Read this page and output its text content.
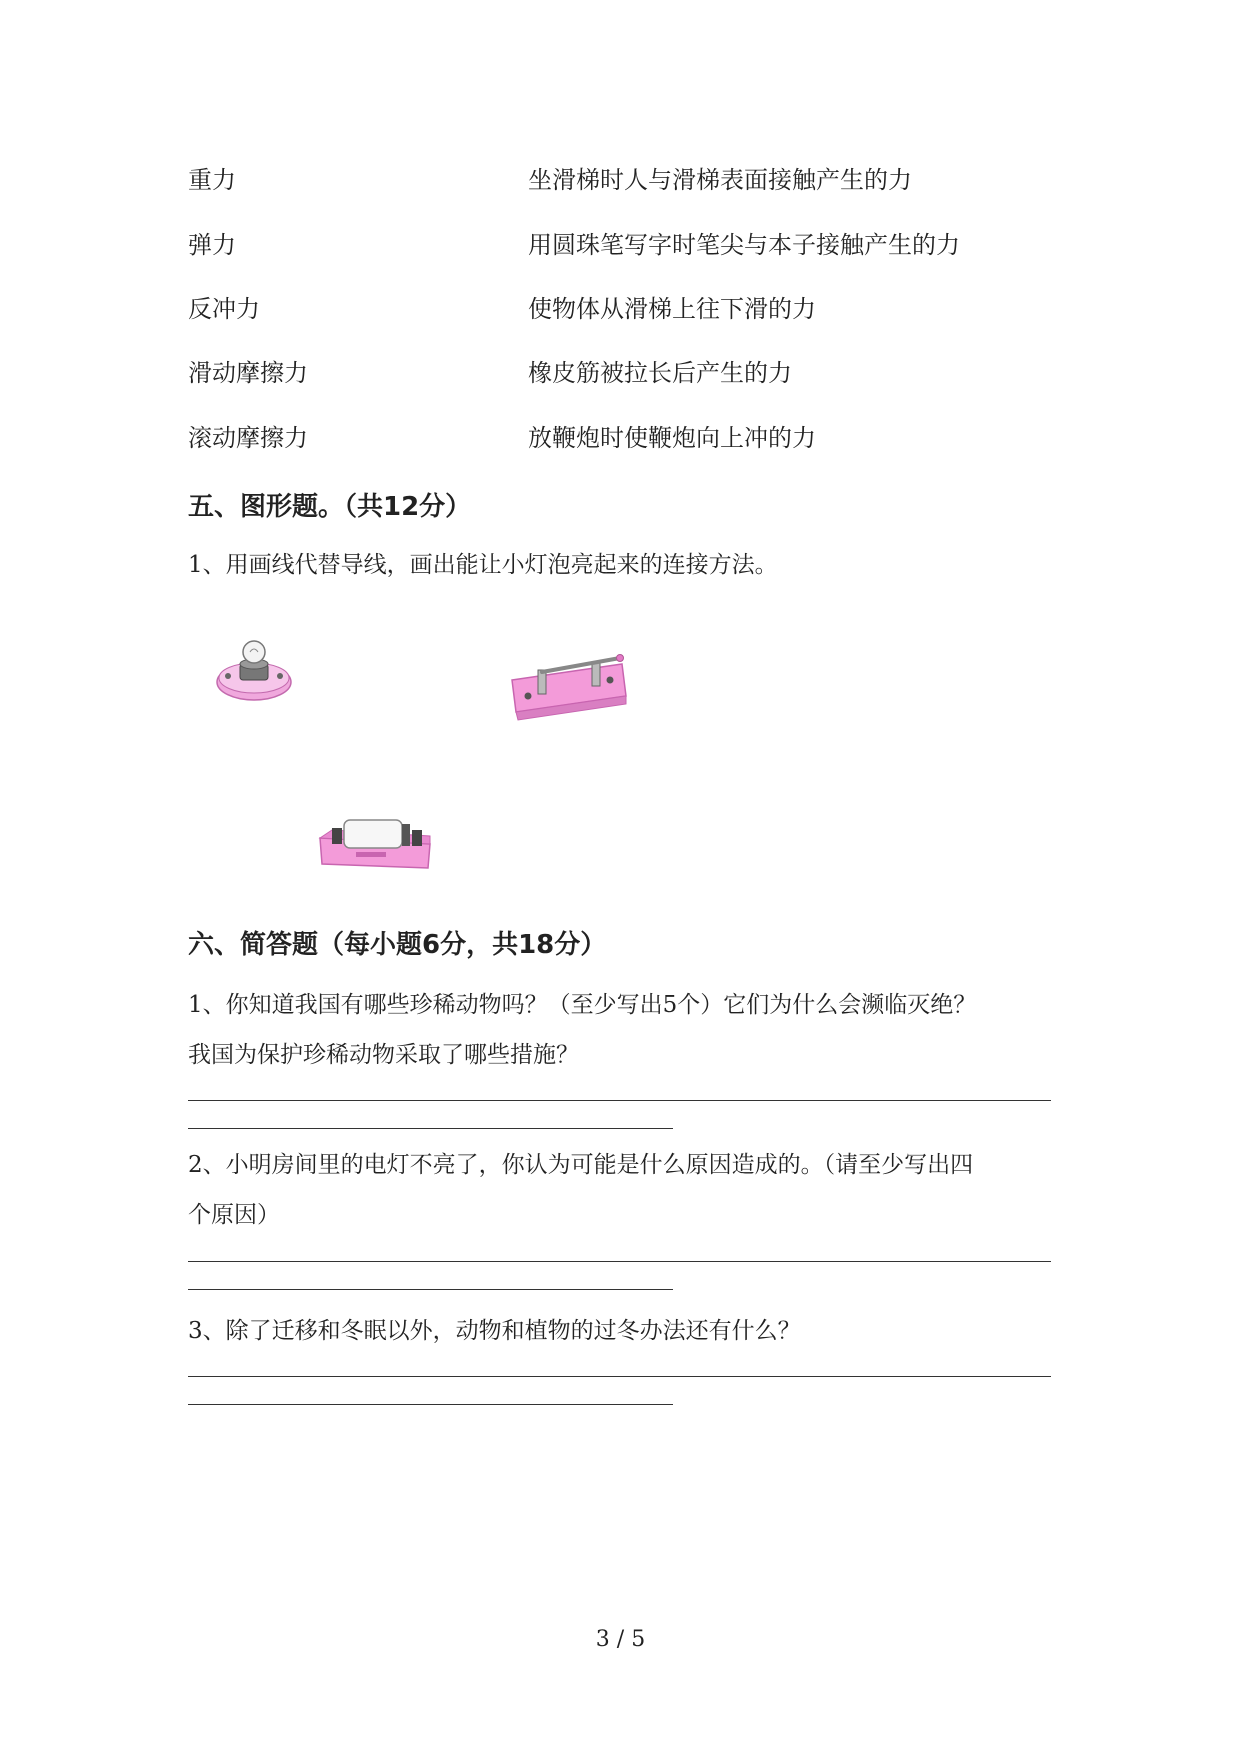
重力	坐滑梯时人与滑梯表面接触产生的力
弹力	用圆珠笔写字时笔尖与本子接触产生的力
反冲力	使物体从滑梯上往下滑的力
滑动摩擦力	橡皮筋被拉长后产生的力
滚动摩擦力	放鞭炮时使鞭炮向上冲的力
五、图形题。（共12分）
1、用画线代替导线，画出能让小灯泡亮起来的连接方法。
六、简答题（每小题6分，共18分）
1、你知道我国有哪些珍稀动物吗？（至少写出5个）它们为什么会濒临灭绝？
我国为保护珍稀动物采取了哪些措施？
2、小明房间里的电灯不亮了，你认为可能是什么原因造成的。（请至少写出四
个原因）
3、除了迁移和冬眠以外，动物和植物的过冬办法还有什么？
3 / 5
